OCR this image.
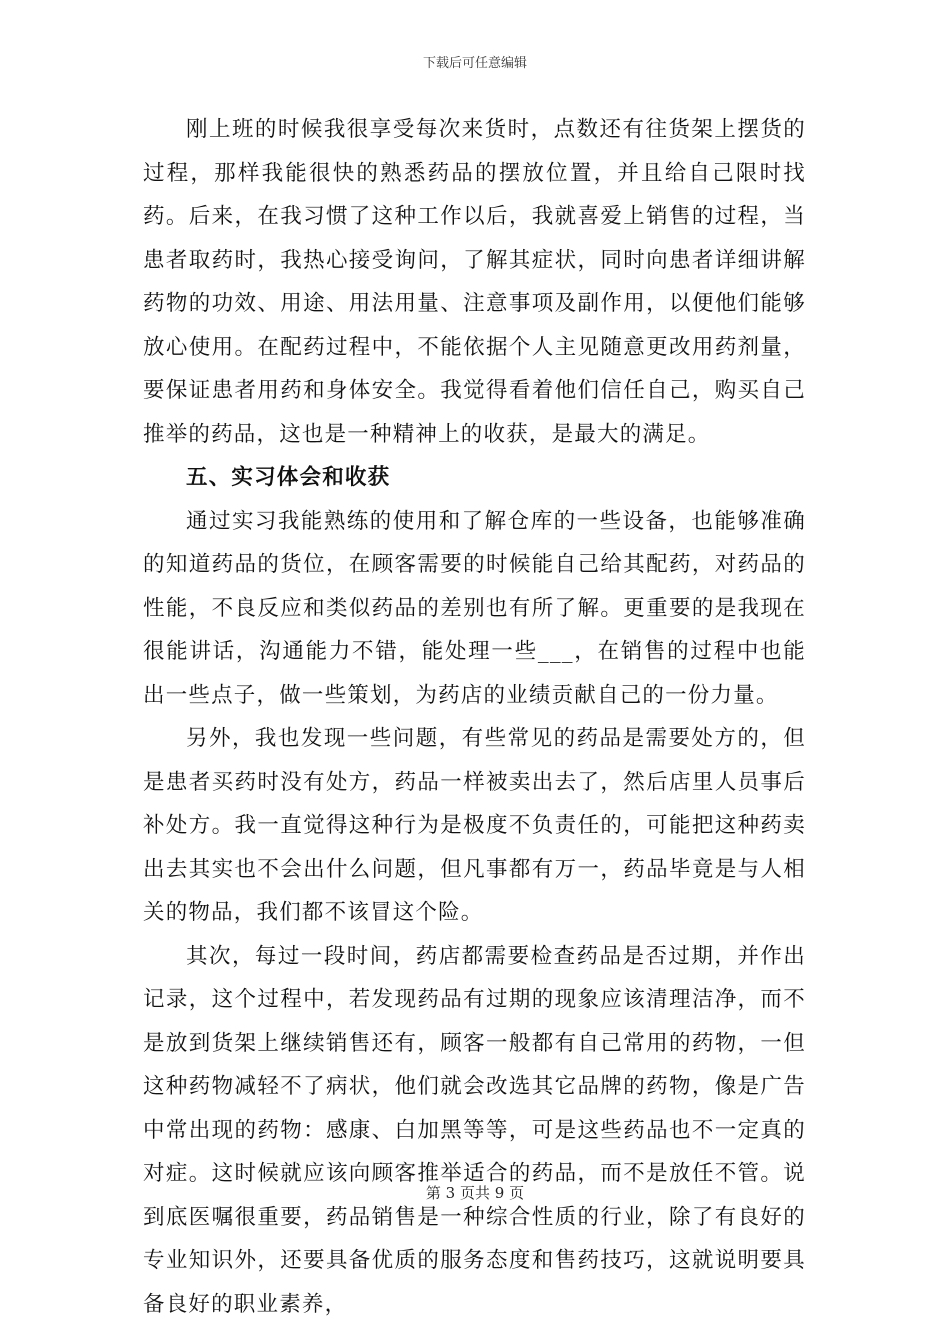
下载后可任意编辑

刚上班的时候我很享受每次来货时，点数还有往货架上摆货的过程，那样我能很快的熟悉药品的摆放位置，并且给自己限时找药。后来，在我习惯了这种工作以后，我就喜爱上销售的过程，当患者取药时，我热心接受询问，了解其症状，同时向患者详细讲解药物的功效、用途、用法用量、注意事项及副作用，以便他们能够放心使用。在配药过程中，不能依据个人主见随意更改用药剂量，要保证患者用药和身体安全。我觉得看着他们信任自己，购买自己推举的药品，这也是一种精神上的收获，是最大的满足。

五、实习体会和收获

通过实习我能熟练的使用和了解仓库的一些设备，也能够准确的知道药品的货位，在顾客需要的时候能自己给其配药，对药品的性能，不良反应和类似药品的差别也有所了解。更重要的是我现在很能讲话，沟通能力不错，能处理一些___，在销售的过程中也能出一些点子，做一些策划，为药店的业绩贡献自己的一份力量。

另外，我也发现一些问题，有些常见的药品是需要处方的，但是患者买药时没有处方，药品一样被卖出去了，然后店里人员事后补处方。我一直觉得这种行为是极度不负责任的，可能把这种药卖出去其实也不会出什么问题，但凡事都有万一，药品毕竟是与人相关的物品，我们都不该冒这个险。

其次，每过一段时间，药店都需要检查药品是否过期，并作出记录，这个过程中，若发现药品有过期的现象应该清理洁净，而不是放到货架上继续销售还有，顾客一般都有自己常用的药物，一但这种药物减轻不了病状，他们就会改选其它品牌的药物，像是广告中常出现的药物：感康、白加黑等等，可是这些药品也不一定真的对症。这时候就应该向顾客推举适合的药品，而不是放任不管。说到底医嘱很重要，药品销售是一种综合性质的行业，除了有良好的专业知识外，还要具备优质的服务态度和售药技巧，这就说明要具备良好的职业素养，

第 3 页共 9 页
